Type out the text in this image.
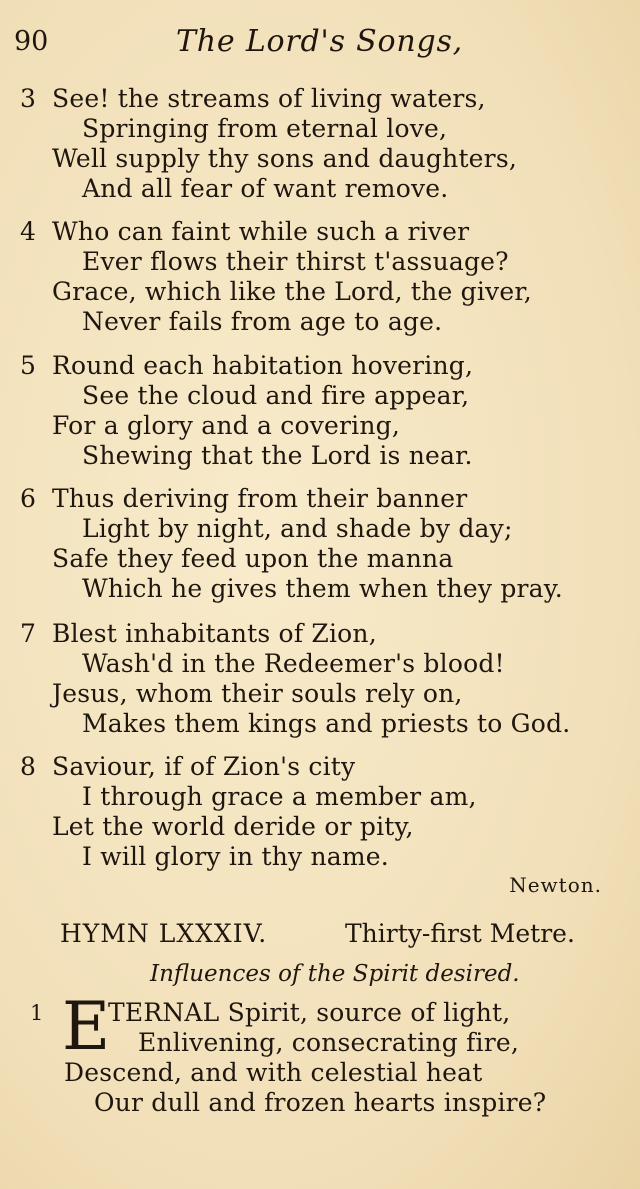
90	The Lord's Songs,
3 See! the streams of living waters,
Springing from eternal love,
Well supply thy sons and daughters,
And all fear of want remove.
4 Who can faint while such a river
Ever flows their thirst t'assuage?
Grace, which like the Lord, the giver,
Never fails from age to age.
5 Round each habitation hovering,
See the cloud and fire appear,
For a glory and a covering,
Shewing that the Lord is near.
6 Thus deriving from their banner
Light by night, and shade by day;
Safe they feed upon the manna
Which he gives them when they pray.
7 Blest inhabitants of Zion,
Wash'd in the Redeemer's blood!
Jesus, whom their souls rely on,
Makes them kings and priests to God.
8 Saviour, if of Zion's city
I through grace a member am,
Let the world deride or pity,
I will glory in thy name.
Newton.
HYMN LXXXIV.	Thirty-first Metre.
Influences of the Spirit desired.
1 E
TERNAL Spirit, source of light,
Enlivening, consecrating fire,
Descend, and with celestial heat
Our dull and frozen hearts inspire?
